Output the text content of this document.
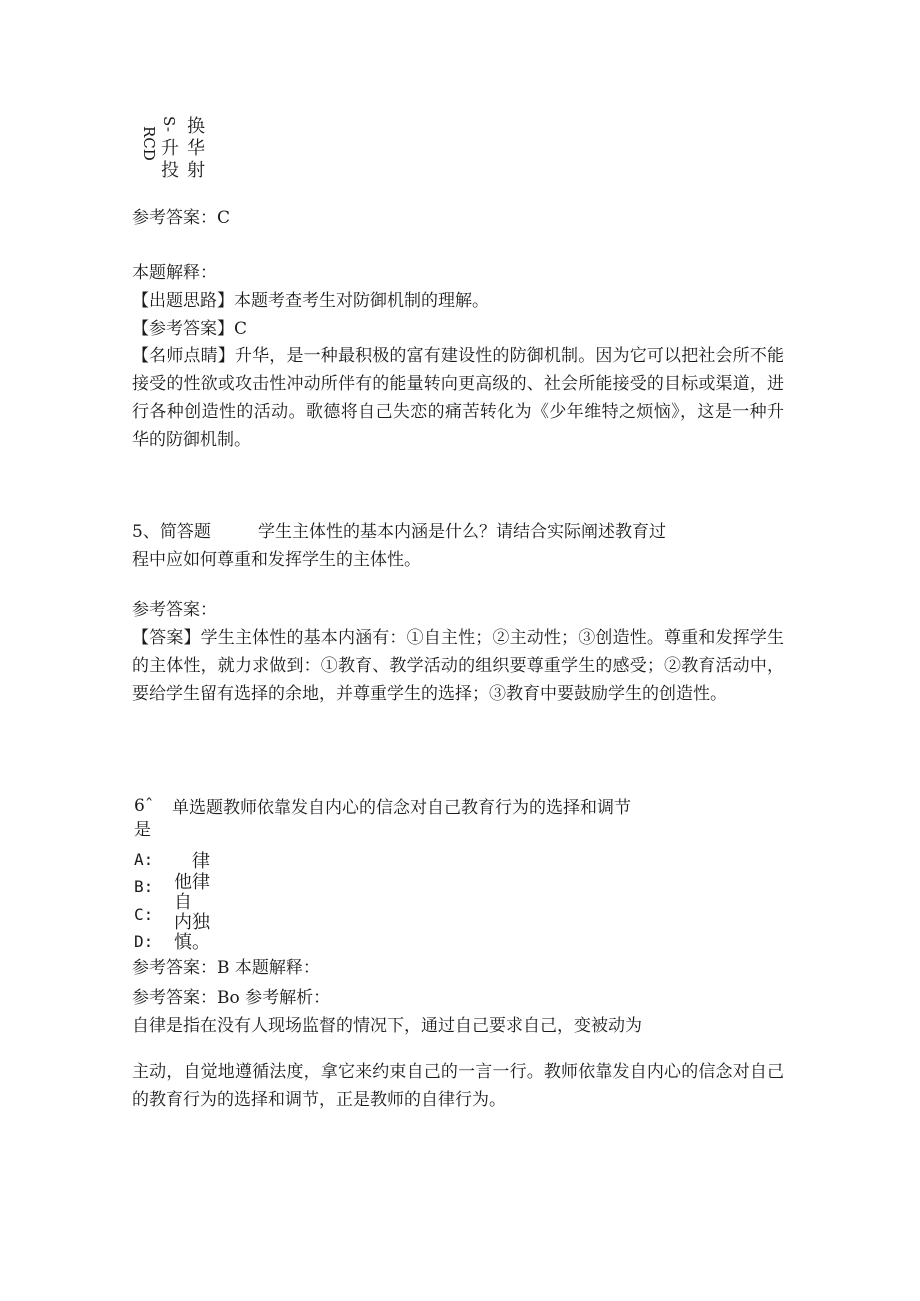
S-
RCD 换
华
射
升
投
参考答案：C
本题解释：
【出题思路】本题考查考生对防御机制的理解。
【参考答案】C
【名师点睛】升华，是一种最积极的富有建设性的防御机制。因为它可以把社会所不能接受的性欲或攻击性冲动所伴有的能量转向更高级的、社会所能接受的目标或渠道，进行各种创造性的活动。歌德将自己失恋的痛苦转化为《少年维特之烦恼》，这是一种升华的防御机制。
5、简答题	学生主体性的基本内涵是什么？请结合实际阐述教育过
程中应如何尊重和发挥学生的主体性。
参考答案：
【答案】学生主体性的基本内涵有：①自主性；②主动性；③创造性。尊重和发挥学生的主体性，就力求做到：①教育、教学活动的组织要尊重学生的感受；②教育活动中，要给学生留有选择的余地，并尊重学生的选择；③教育中要鼓励学生的创造性。
6ˆ 单选题教师依靠发自内心的信念对自己教育行为的选择和调节
是
A: 律
B: 他律
自
C: 内独
D: 慎。
参考答案：B 本题解释：
参考答案：Bo 参考解析：
自律是指在没有人现场监督的情况下，通过自己要求自己，变被动为
主动，自觉地遵循法度，拿它来约束自己的一言一行。教师依靠发自内心的信念对自己的教育行为的选择和调节，正是教师的自律行为。
